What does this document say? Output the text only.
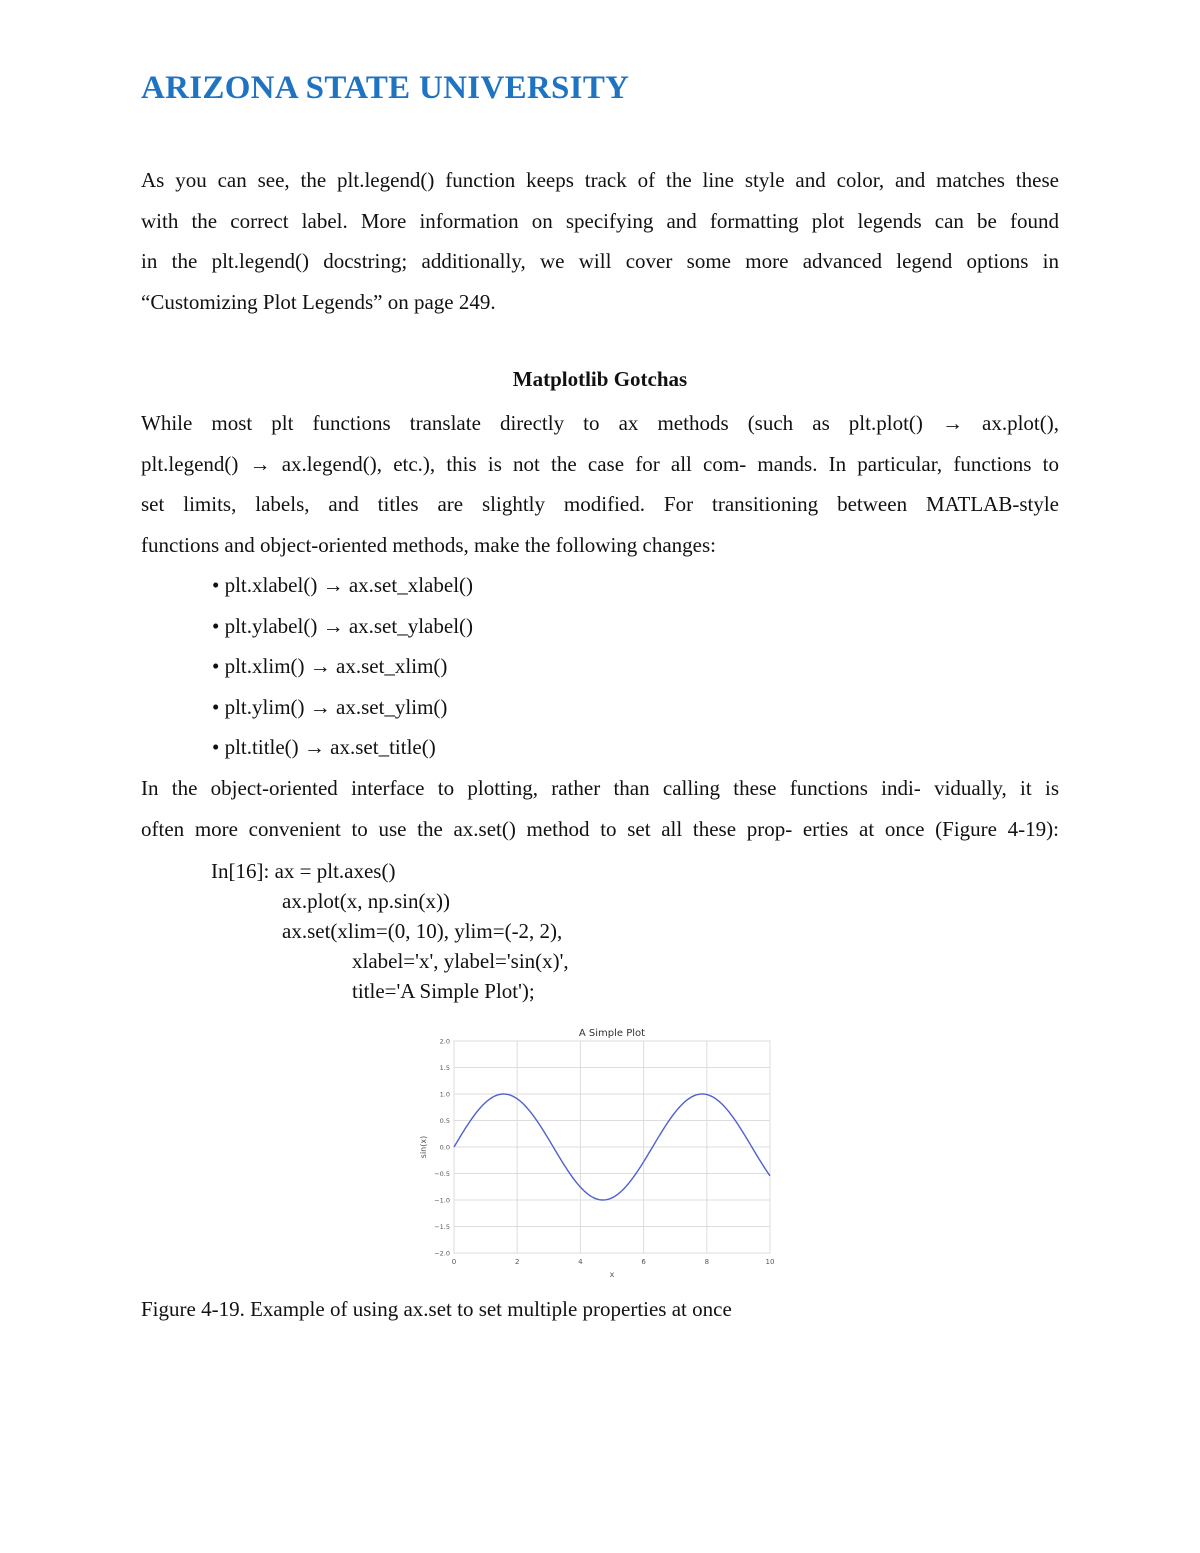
ARIZONA STATE UNIVERSITY
As you can see, the plt.legend() function keeps track of the line style and color, and matches these
with the correct label. More information on specifying and formatting plot legends can be found
in the plt.legend() docstring; additionally, we will cover some more advanced legend options in
“Customizing Plot Legends” on page 249.
Matplotlib Gotchas
While most plt functions translate directly to ax methods (such as plt.plot() → ax.plot(),
plt.legend() → ax.legend(), etc.), this is not the case for all com- mands. In particular, functions to
set limits, labels, and titles are slightly modified. For transitioning between MATLAB-style
functions and object-oriented methods, make the following changes:
• plt.xlabel() → ax.set_xlabel()
• plt.ylabel() → ax.set_ylabel()
• plt.xlim() → ax.set_xlim()
• plt.ylim() → ax.set_ylim()
• plt.title() → ax.set_title()
In the object-oriented interface to plotting, rather than calling these functions indi- vidually, it is
often more convenient to use the ax.set() method to set all these prop- erties at once (Figure 4-19):
In[16]: ax = plt.axes()
ax.plot(x, np.sin(x))
ax.set(xlim=(0, 10), ylim=(-2, 2),
xlabel='x', ylabel='sin(x)',
title='A Simple Plot');
2.0
1.5
1.0
0.5
0.0
−0.5
−1.0
−1.5
−2.0
0	2	4	6	8	10
A Simple Plot
x
sin(x)
Figure 4-19. Example of using ax.set to set multiple properties at once
